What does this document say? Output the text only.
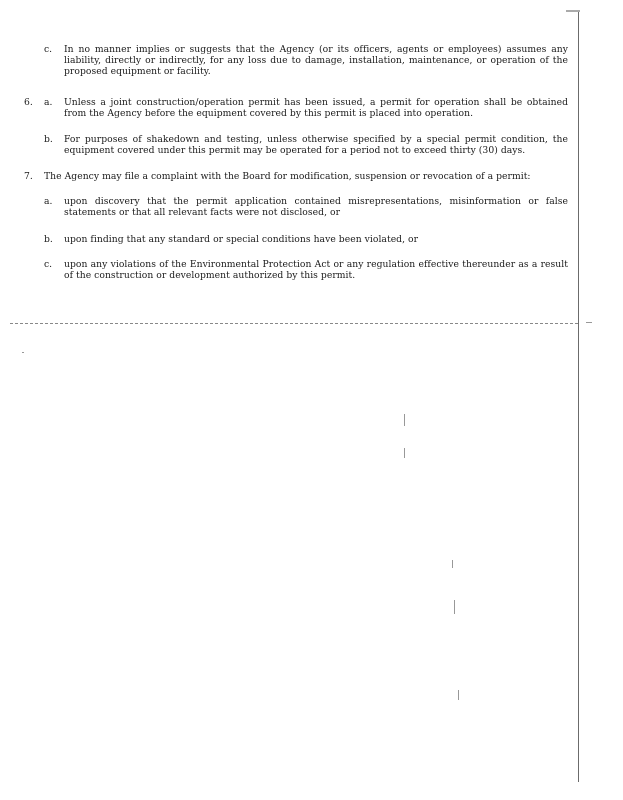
c. In no manner implies or suggests that the Agency (or its officers, agents or employees) assumes any liability, directly or indirectly, for any loss due to damage, installation, maintenance, or operation of the proposed equipment or facility.
6. a. Unless a joint construction/operation permit has been issued, a permit for operation shall be obtained from the Agency before the equipment covered by this permit is placed into operation.
b. For purposes of shakedown and testing, unless otherwise specified by a special permit condition, the equipment covered under this permit may be operated for a period not to exceed thirty (30) days.
7. The Agency may file a complaint with the Board for modification, suspension or revocation of a permit:
a. upon discovery that the permit application contained misrepresentations, misinformation or false statements or that all relevant facts were not disclosed, or
b. upon finding that any standard or special conditions have been violated, or
c. upon any violations of the Environmental Protection Act or any regulation effective thereunder as a result of the construction or development authorized by this permit.
